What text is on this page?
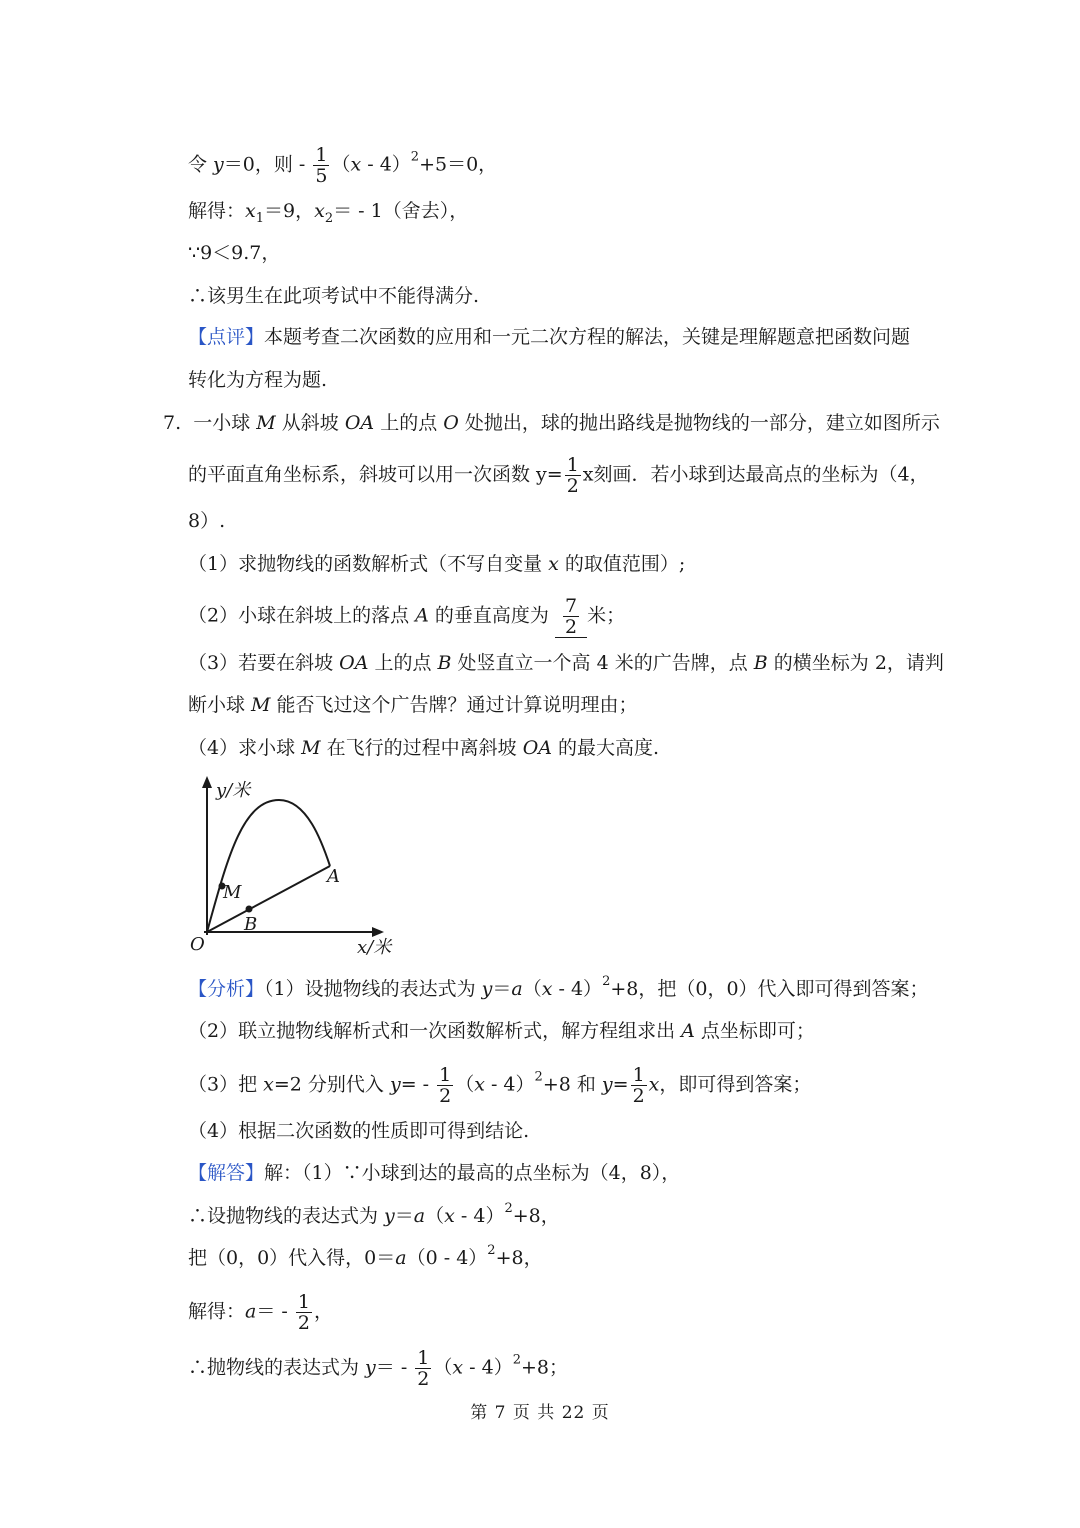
令 y＝0，则 - $\frac{1}{5} (x - 4)^2+5=0$，
解得：$x_1=9$，$x_2= - 1$（舍去），
∵9＜9.7，
∴该男生在此项考试中不能得满分.
【点评】本题考查二次函数的应用和一元二次方程的解法，关键是理解题意把函数问题
转化为方程为题.
7. 一小球 M 从斜坡 OA 上的点 O 处抛出，球的抛出路线是抛物线的一部分，建立如图所示
的平面直角坐标系，斜坡可以用一次函数 $y= \frac{1}{2}$ x刻画．若小球到达最高点的坐标为（4，
8）.
（1）求抛物线的函数解析式（不写自变量 x 的取值范围）;
（2）小球在斜坡上的落点 A 的垂直高度为 $\frac{7}{2}$ 米；
（3）若要在斜坡 OA 上的点 B 处竖直立一个高 4 米的广告牌，点 B 的横坐标为 2，请判
断小球 M 能否飞过这个广告牌？通过计算说明理由；
（4）求小球 M 在飞行的过程中离斜坡 OA 的最大高度.
y/米
x/米
O
M
B
A
【分析】（1）设抛物线的表达式为 y＝a（x - 4）$^2$+8，把（0，0）代入即可得到答案；
（2）联立抛物线解析式和一次函数解析式，解方程组求出 A 点坐标即可；
（3）把 x=2 分别代入 $y= - \frac{1}{2} (x - 4)^2+8$ 和 $y= \frac{1}{2}$ x，即可得到答案；
（4）根据二次函数的性质即可得到结论.
【解答】解：（1）∵小球到达的最高的点坐标为（4，8），
∴设抛物线的表达式为 y＝a（x - 4）$^2$+8，
把（0，0）代入得，0＝a（0 - 4）$^2$+8，
解得：$a= - \frac{1}{2}$ ，
∴抛物线的表达式为 $y= - \frac{1}{2} (x - 4)^2+8$；
第 7 页 共 22 页
